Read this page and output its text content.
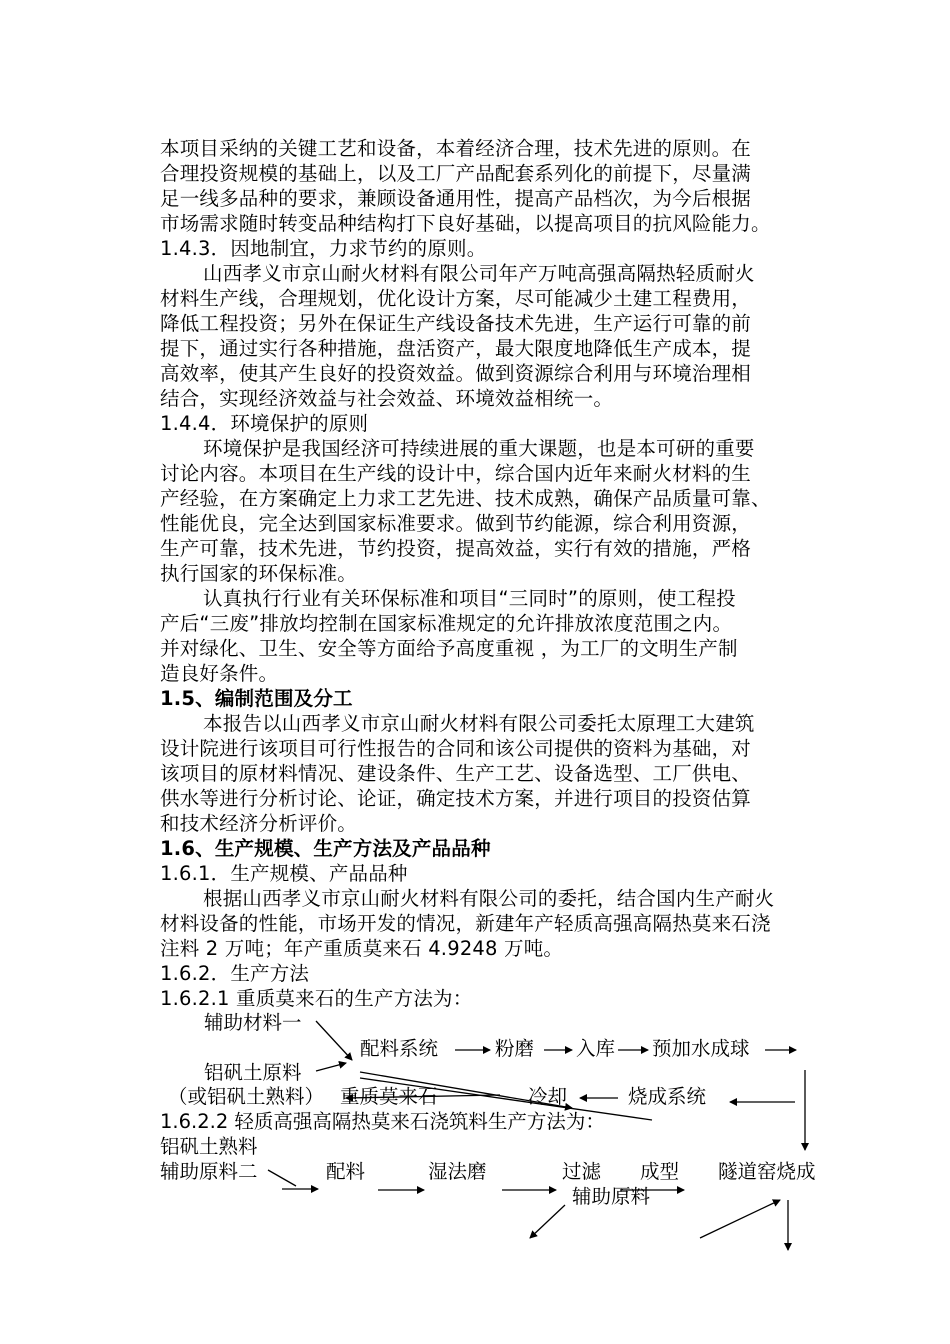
本项目采纳的关键工艺和设备，本着经济合理，技术先进的原则。在

合理投资规模的基础上，以及工厂产品配套系列化的前提下，尽量满

足一线多品种的要求，兼顾设备通用性，提高产品档次，为今后根据

市场需求随时转变品种结构打下良好基础，以提高项目的抗风险能力。

1.4.3．因地制宜，力求节约的原则。

山西孝义市京山耐火材料有限公司年产万吨高强高隔热轻质耐火

材料生产线，合理规划，优化设计方案，尽可能减少土建工程费用，

降低工程投资；另外在保证生产线设备技术先进，生产运行可靠的前

提下，通过实行各种措施，盘活资产，最大限度地降低生产成本，提

高效率，使其产生良好的投资效益。做到资源综合利用与环境治理相

结合，实现经济效益与社会效益、环境效益相统一。

1.4.4．环境保护的原则

环境保护是我国经济可持续进展的重大课题，也是本可研的重要

讨论内容。本项目在生产线的设计中，综合国内近年来耐火材料的生

产经验，在方案确定上力求工艺先进、技术成熟，确保产品质量可靠、

性能优良，完全达到国家标准要求。做到节约能源，综合利用资源，

生产可靠，技术先进，节约投资，提高效益，实行有效的措施，严格

执行国家的环保标准。

认真执行行业有关环保标准和项目“三同时”的原则，使工程投

产后“三废”排放均控制在国家标准规定的允许排放浓度范围之内。

并对绿化、卫生、安全等方面给予高度重视 ，为工厂的文明生产制

造良好条件。

1.5、编制范围及分工

本报告以山西孝义市京山耐火材料有限公司委托太原理工大建筑

设计院进行该项目可行性报告的合同和该公司提供的资料为基础，对

该项目的原材料情况、建设条件、生产工艺、设备选型、工厂供电、

供水等进行分析讨论、论证，确定技术方案，并进行项目的投资估算

和技术经济分析评价。

1.6、生产规模、生产方法及产品品种

1.6.1．生产规模、产品品种

根据山西孝义市京山耐火材料有限公司的委托，结合国内生产耐火

材料设备的性能，市场开发的情况，新建年产轻质高强高隔热莫来石浇

注料 2 万吨；年产重质莫来石 4.9248 万吨。

1.6.2．生产方法

1.6.2.1 重质莫来石的生产方法为：

辅助材料一
配料系统	粉磨 入库 预加水成球
铝矾土原料
（或铝矾土熟料） 重质莫来石	冷却	烧成系统
1.6.2.2 轻质高强高隔热莫来石浇筑料生产方法为：
铝矾土熟料
辅助原料二	配料	湿法磨	过滤 成型 隧道窑烧成
辅助原料
